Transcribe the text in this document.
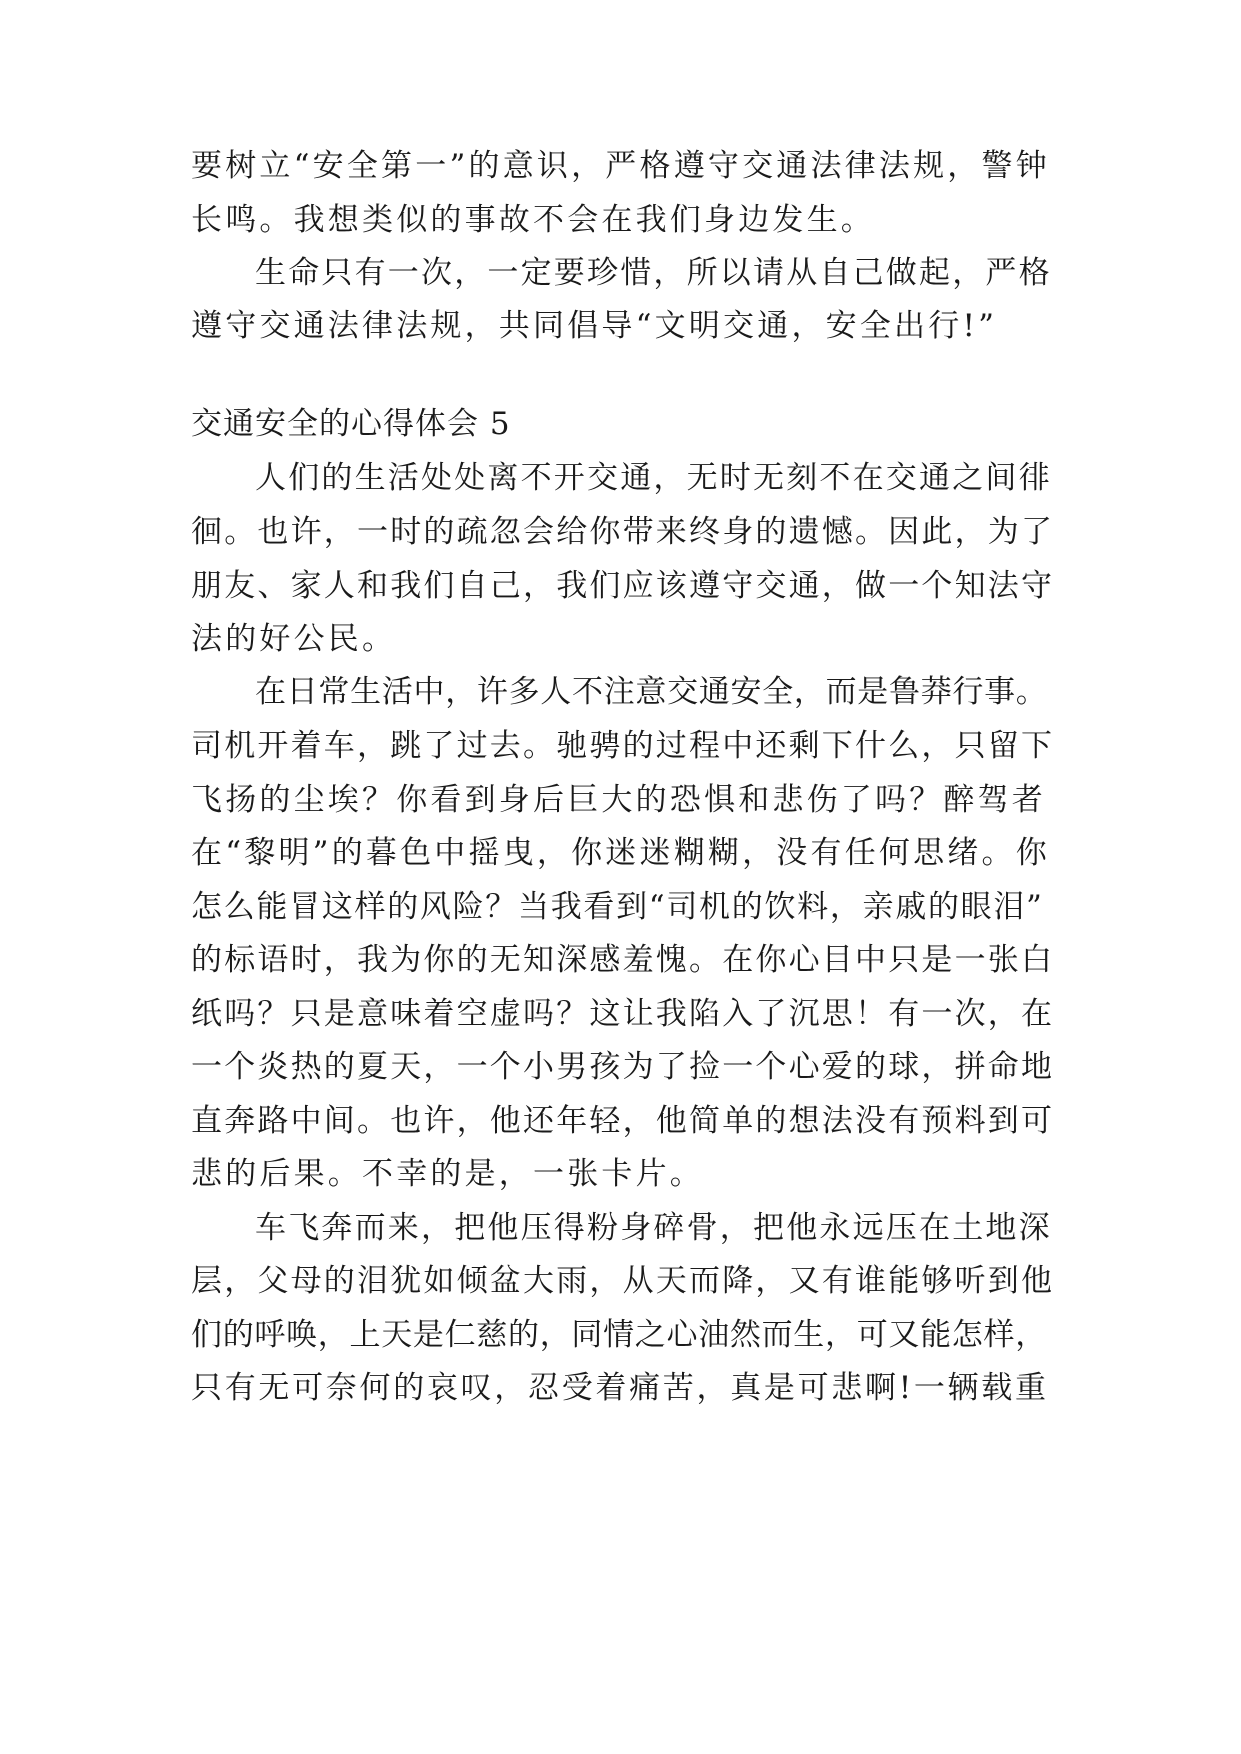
要树立“安全第一”的意识，严格遵守交通法律法规，警钟
长鸣。我想类似的事故不会在我们身边发生。
生命只有一次，一定要珍惜，所以请从自己做起，严格
遵守交通法律法规，共同倡导“文明交通，安全出行!”
交通安全的心得体会 5
人们的生活处处离不开交通，无时无刻不在交通之间徘
徊。也许，一时的疏忽会给你带来终身的遗憾。因此，为了
朋友、家人和我们自己，我们应该遵守交通，做一个知法守
法的好公民。
在日常生活中，许多人不注意交通安全，而是鲁莽行事。
司机开着车，跳了过去。驰骋的过程中还剩下什么，只留下
飞扬的尘埃？你看到身后巨大的恐惧和悲伤了吗？醉驾者
在“黎明”的暮色中摇曳，你迷迷糊糊，没有任何思绪。你
怎么能冒这样的风险？当我看到“司机的饮料，亲戚的眼泪”
的标语时，我为你的无知深感羞愧。在你心目中只是一张白
纸吗？只是意味着空虚吗？这让我陷入了沉思！有一次，在
一个炎热的夏天，一个小男孩为了捡一个心爱的球，拼命地
直奔路中间。也许，他还年轻，他简单的想法没有预料到可
悲的后果。不幸的是，一张卡片。
车飞奔而来，把他压得粉身碎骨，把他永远压在土地深
层，父母的泪犹如倾盆大雨，从天而降，又有谁能够听到他
们的呼唤，上天是仁慈的，同情之心油然而生，可又能怎样，
只有无可奈何的哀叹，忍受着痛苦，真是可悲啊!一辆载重
